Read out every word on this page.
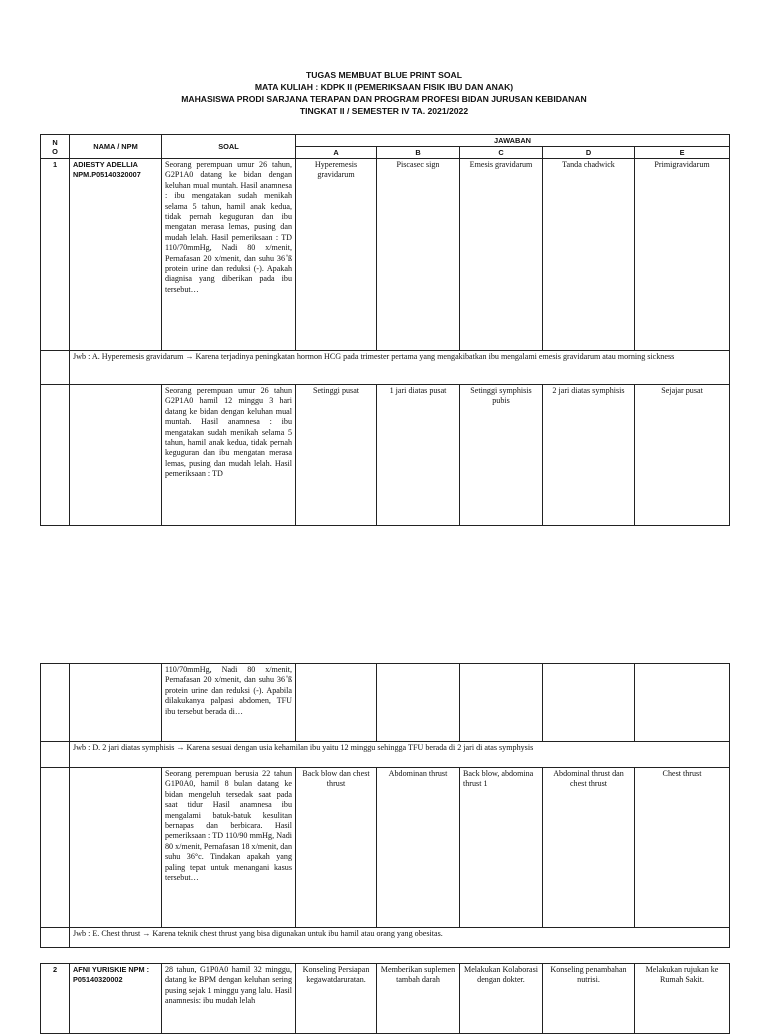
TUGAS MEMBUAT BLUE PRINT SOAL
MATA KULIAH : KDPK II (PEMERIKSAAN FISIK IBU DAN ANAK)
MAHASISWA PRODI SARJANA TERAPAN DAN PROGRAM PROFESI BIDAN JURUSAN KEBIDANAN
TINGKAT II / SEMESTER IV TA. 2021/2022
N
O	NAMA / NPM	SOAL	JAWABAN				
			A	B	C	D	E
1	ADIESTY ADELLIA NPM.P05140320007	Seorang perempuan umur 26 tahun, G2P1A0 datang ke bidan dengan keluhan mual muntah. Hasil anamnesa : ibu mengatakan sudah menikah selama 5 tahun, hamil anak kedua, tidak pernah keguguran dan ibu mengatan merasa lemas, pusing dan mudah lelah. Hasil pemeriksaan : TD 110/70mmHg, Nadi 80 x/menit, Pernafasan 20 x/menit, dan suhu 36 ̊ß protein urine dan reduksi (-). Apakah diagnisa yang diberikan pada ibu tersebut…	Hyperemesis gravidarum	Piscasec sign	Emesis gravidarum	Tanda chadwick	Primigravidarum
	Jwb : A. Hyperemesis gravidarum → Karena terjadinya peningkatan hormon HCG pada trimester pertama yang mengakibatkan ibu mengalami emesis gravidarum atau morning sickness						
		Seorang perempuan umur 26 tahun G2P1A0 hamil 12 minggu 3 hari datang ke bidan dengan keluhan mual muntah. Hasil anamnesa : ibu mengatakan sudah menikah selama 5 tahun, hamil anak kedua, tidak pernah keguguran dan ibu mengatan merasa lemas, pusing dan mudah lelah. Hasil pemeriksaan : TD	Setinggi pusat	1 jari diatas pusat	Setinggi symphisis pubis	2 jari diatas symphisis	Sejajar pusat
		110/70mmHg, Nadi 80 x/menit, Pernafasan 20 x/menit, dan suhu 36 ̊ß protein urine dan reduksi (-). Apabila dilakukanya palpasi abdomen, TFU ibu tersebut berada di…					
	Jwb : D. 2 jari diatas symphisis → Karena sesuai dengan usia kehamilan ibu yaitu 12 minggu sehingga TFU berada di 2 jari di atas symphysis						
		Seorang perempuan berusia 22 tahun G1P0A0, hamil 8 bulan datang ke bidan mengeluh tersedak saat pada saat tidur Hasil anamnesa ibu mengalami batuk-batuk kesulitan bernapas dan berbicara. Hasil pemeriksaan : TD 110/90 mmHg, Nadi 80 x/menit, Pernafasan 18 x/menit, dan suhu 36°c. Tindakan apakah yang paling tepat untuk menangani kasus tersebut…	Back blow dan chest thrust	Abdominan thrust	Back blow, abdomina thrust 1	Abdominal thrust dan chest thrust	Chest thrust
	Jwb : E. Chest thrust → Karena teknik chest thrust yang bisa digunakan untuk ibu hamil atau orang yang obesitas.						
2	AFNI YURISKIE NPM : P05140320002	28 tahun, G1P0A0 hamil 32 minggu, datang ke BPM dengan keluhan sering pusing sejak 1 minggu yang lalu. Hasil anamnesis: ibu mudah lelah	Konseling Persiapan kegawatdaruratan.	Memberikan suplemen tambah darah	Melakukan Kolaborasi dengan dokter.	Konseling penambahan nutrisi.	Melakukan rujukan ke Rumah Sakit.
